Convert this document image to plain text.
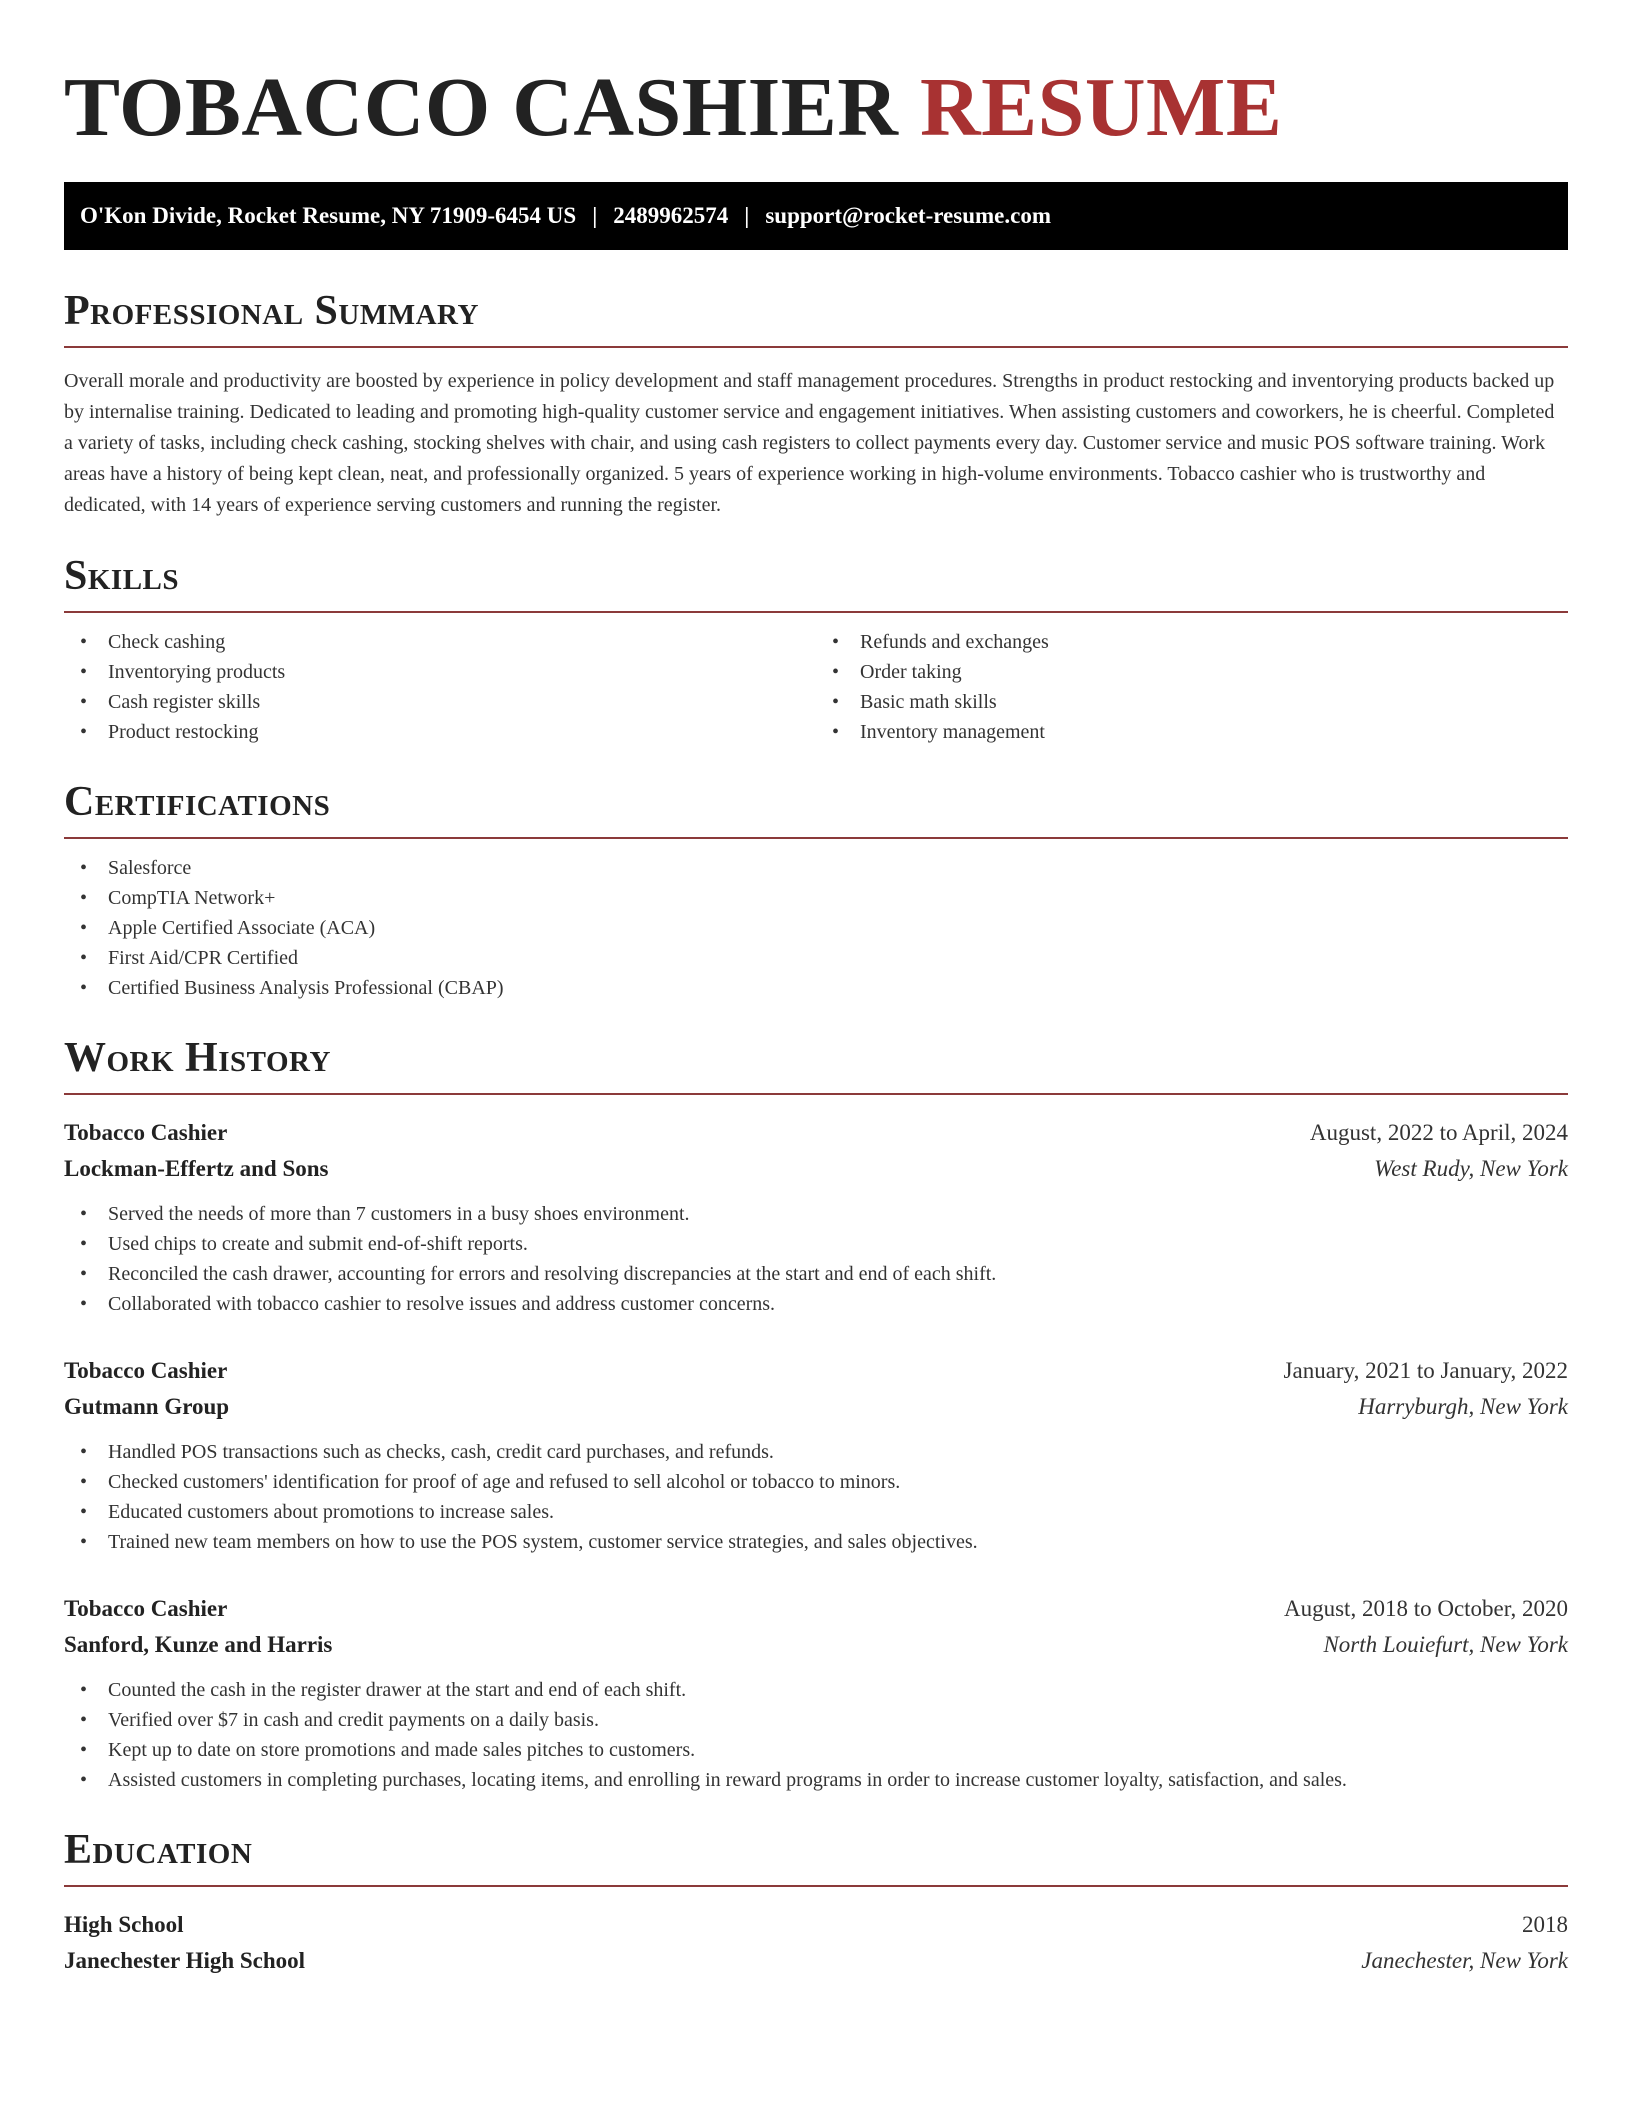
TOBACCO CASHIER RESUME
O'Kon Divide, Rocket Resume, NY 71909-6454 US | 2489962574 | support@rocket-resume.com
Professional Summary

Overall morale and productivity are boosted by experience in policy development and staff management procedures. Strengths in product restocking and inventorying products backed up by internalise training. Dedicated to leading and promoting high-quality customer service and engagement initiatives. When assisting customers and coworkers, he is cheerful. Completed a variety of tasks, including check cashing, stocking shelves with chair, and using cash registers to collect payments every day. Customer service and music POS software training. Work areas have a history of being kept clean, neat, and professionally organized. 5 years of experience working in high-volume environments. Tobacco cashier who is trustworthy and dedicated, with 14 years of experience serving customers and running the register.

Skills
• Check cashing
• Inventorying products
• Cash register skills
• Product restocking
• Refunds and exchanges
• Order taking
• Basic math skills
• Inventory management
Certifications
• Salesforce
• CompTIA Network+
• Apple Certified Associate (ACA)
• First Aid/CPR Certified
• Certified Business Analysis Professional (CBAP)
Work History
Tobacco Cashier	August, 2022 to April, 2024
Lockman-Effertz and Sons	West Rudy, New York
• Served the needs of more than 7 customers in a busy shoes environment.
• Used chips to create and submit end-of-shift reports.
• Reconciled the cash drawer, accounting for errors and resolving discrepancies at the start and end of each shift.
• Collaborated with tobacco cashier to resolve issues and address customer concerns.
Tobacco Cashier	January, 2021 to January, 2022
Gutmann Group	Harryburgh, New York
• Handled POS transactions such as checks, cash, credit card purchases, and refunds.
• Checked customers' identification for proof of age and refused to sell alcohol or tobacco to minors.
• Educated customers about promotions to increase sales.
• Trained new team members on how to use the POS system, customer service strategies, and sales objectives.
Tobacco Cashier	August, 2018 to October, 2020
Sanford, Kunze and Harris	North Louiefurt, New York
• Counted the cash in the register drawer at the start and end of each shift.
• Verified over $7 in cash and credit payments on a daily basis.
• Kept up to date on store promotions and made sales pitches to customers.
• Assisted customers in completing purchases, locating items, and enrolling in reward programs in order to increase customer loyalty, satisfaction, and sales.
Education
High School	2018
Janechester High School	Janechester, New York
